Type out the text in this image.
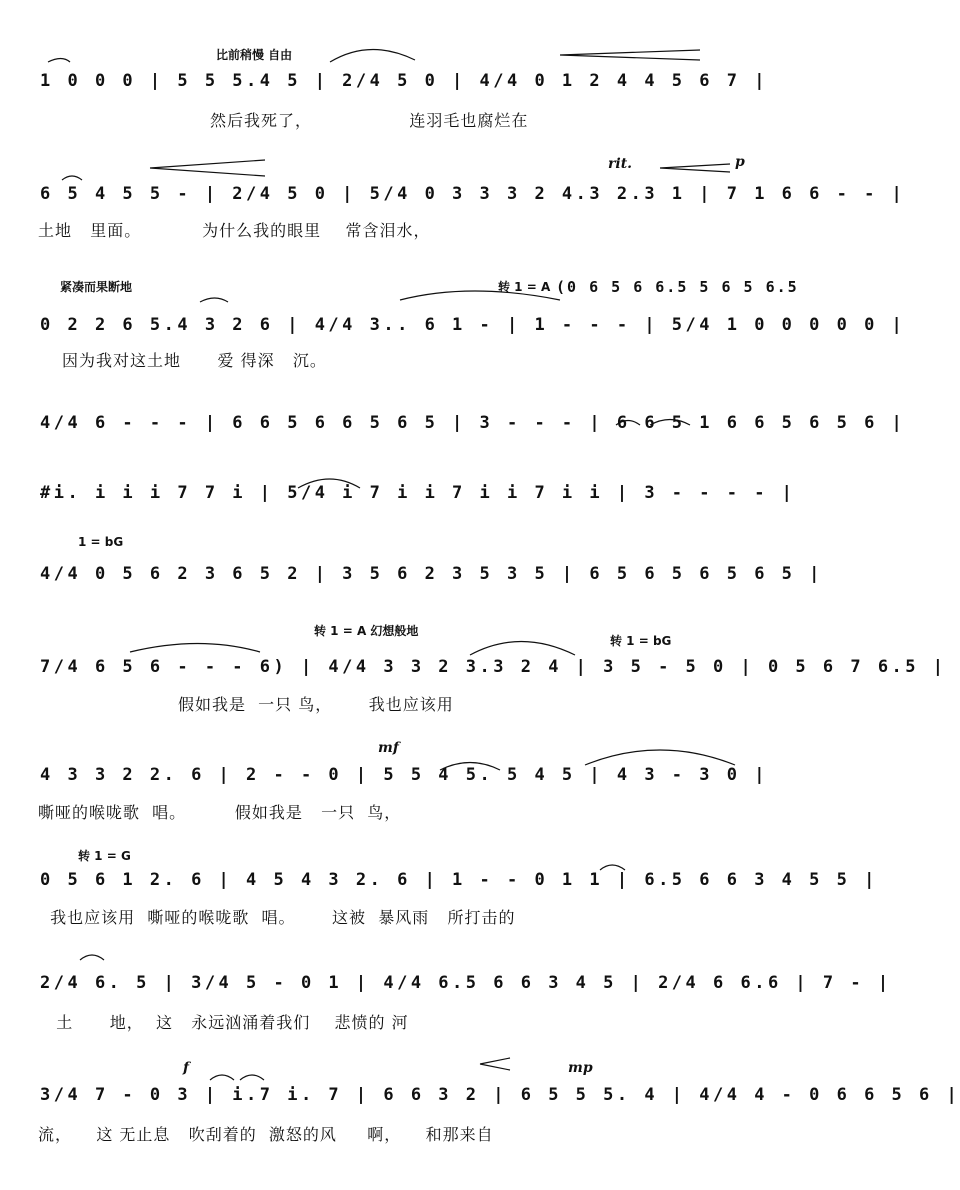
比前稍慢 自由
1 0 0 0 | 5 5 5.4 5 | 2/4 5 0 | 4/4 0 1 2 4 4 5 6 7 |
然后我死了，                连羽毛也腐烂在
rit.	p
6 5 4 5 5 - | 2/4 5 0 | 5/4 0 3 3 3 2 4.3 2.3 1 | 7 1 6 6 - - |
土地   里面。          为什么我的眼里    常含泪水，
紧凑而果断地	转 1 = A (0 6 5 6 6.5 5 6 5 6.5
0 2 2 6 5.4 3 2 6 | 4/4 3.. 6 1 - | 1 - - - | 5/4 1 0 0 0 0 0 |
因为我对这土地      爱 得深   沉。
4/4 6 - - - | 6 6 5 6 6 5 6 5 | 3 - - - | 6 6 5 1 6 6 5 6 5 6 |
#i. i i i 7 7 i | 5/4 i 7 i i 7 i i 7 i i | 3 - - - - |
1 = bG
4/4 0 5 6 2 3 6 5 2 | 3 5 6 2 3 5 3 5 | 6 5 6 5 6 5 6 5 |
转 1 = A 幻想般地
转 1 = bG
7/4 6 5 6 - - - 6) | 4/4 3 3 2 3.3 2 4 | 3 5 - 5 0 | 0 5 6 7 6.5 |
假如我是  一只 鸟，      我也应该用
mf
4 3 3 2 2. 6 | 2 - - 0 | 5 5 4 5. 5 4 5 | 4 3 - 3 0 |
嘶哑的喉咙歌  唱。        假如我是   一只  鸟，
转 1 = G
0 5 6 1 2. 6 | 4 5 4 3 2. 6 | 1 - - 0 1 1 | 6.5 6 6 3 4 5 5 |
我也应该用  嘶哑的喉咙歌  唱。      这被  暴风雨   所打击的
2/4 6. 5 | 3/4 5 - 0 1 | 4/4 6.5 6 6 3 4 5 | 2/4 6 6.6 | 7 - |
土      地，  这   永远汹涌着我们    悲愤的 河
f	mp
3/4 7 - 0 3 | i.7 i. 7 | 6 6 3 2 | 6 5 5 5. 4 | 4/4 4 - 0 6 6 5 6 |
流，    这 无止息   吹刮着的  激怒的风     啊，    和那来自
